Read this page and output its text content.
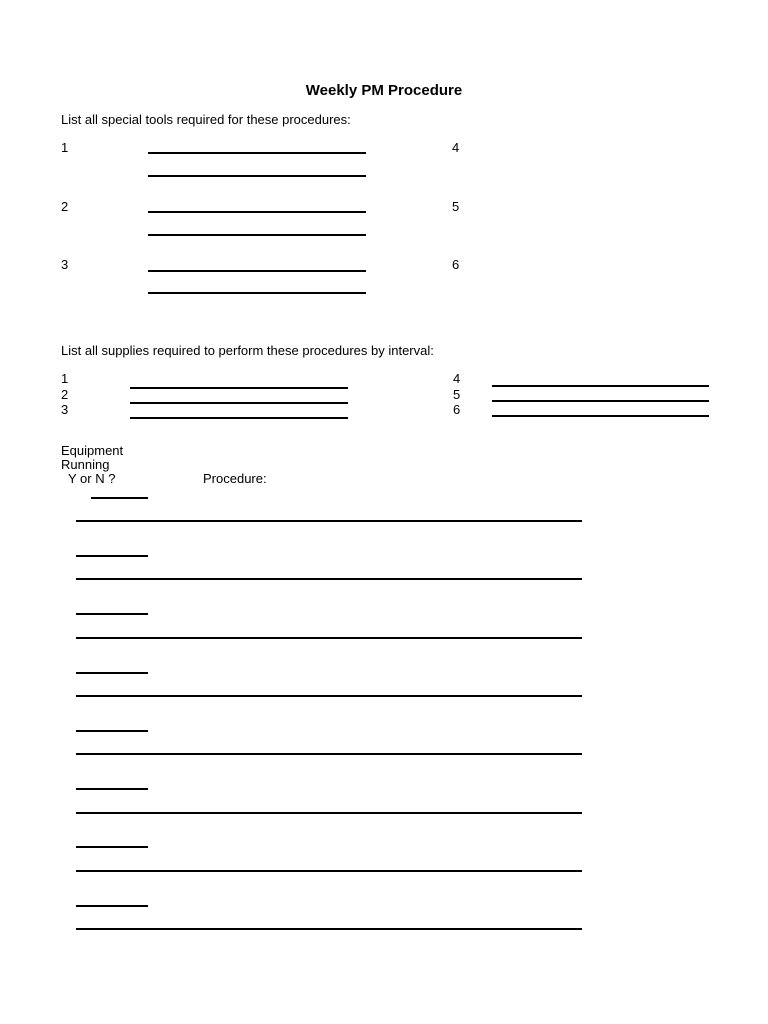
Weekly PM Procedure
List all special tools required for these procedures:
1
2
3
4
5
6
List all supplies required to perform these procedures by interval:
1
2
3
4
5
6
Equipment
Running
Y or N ?	Procedure:
